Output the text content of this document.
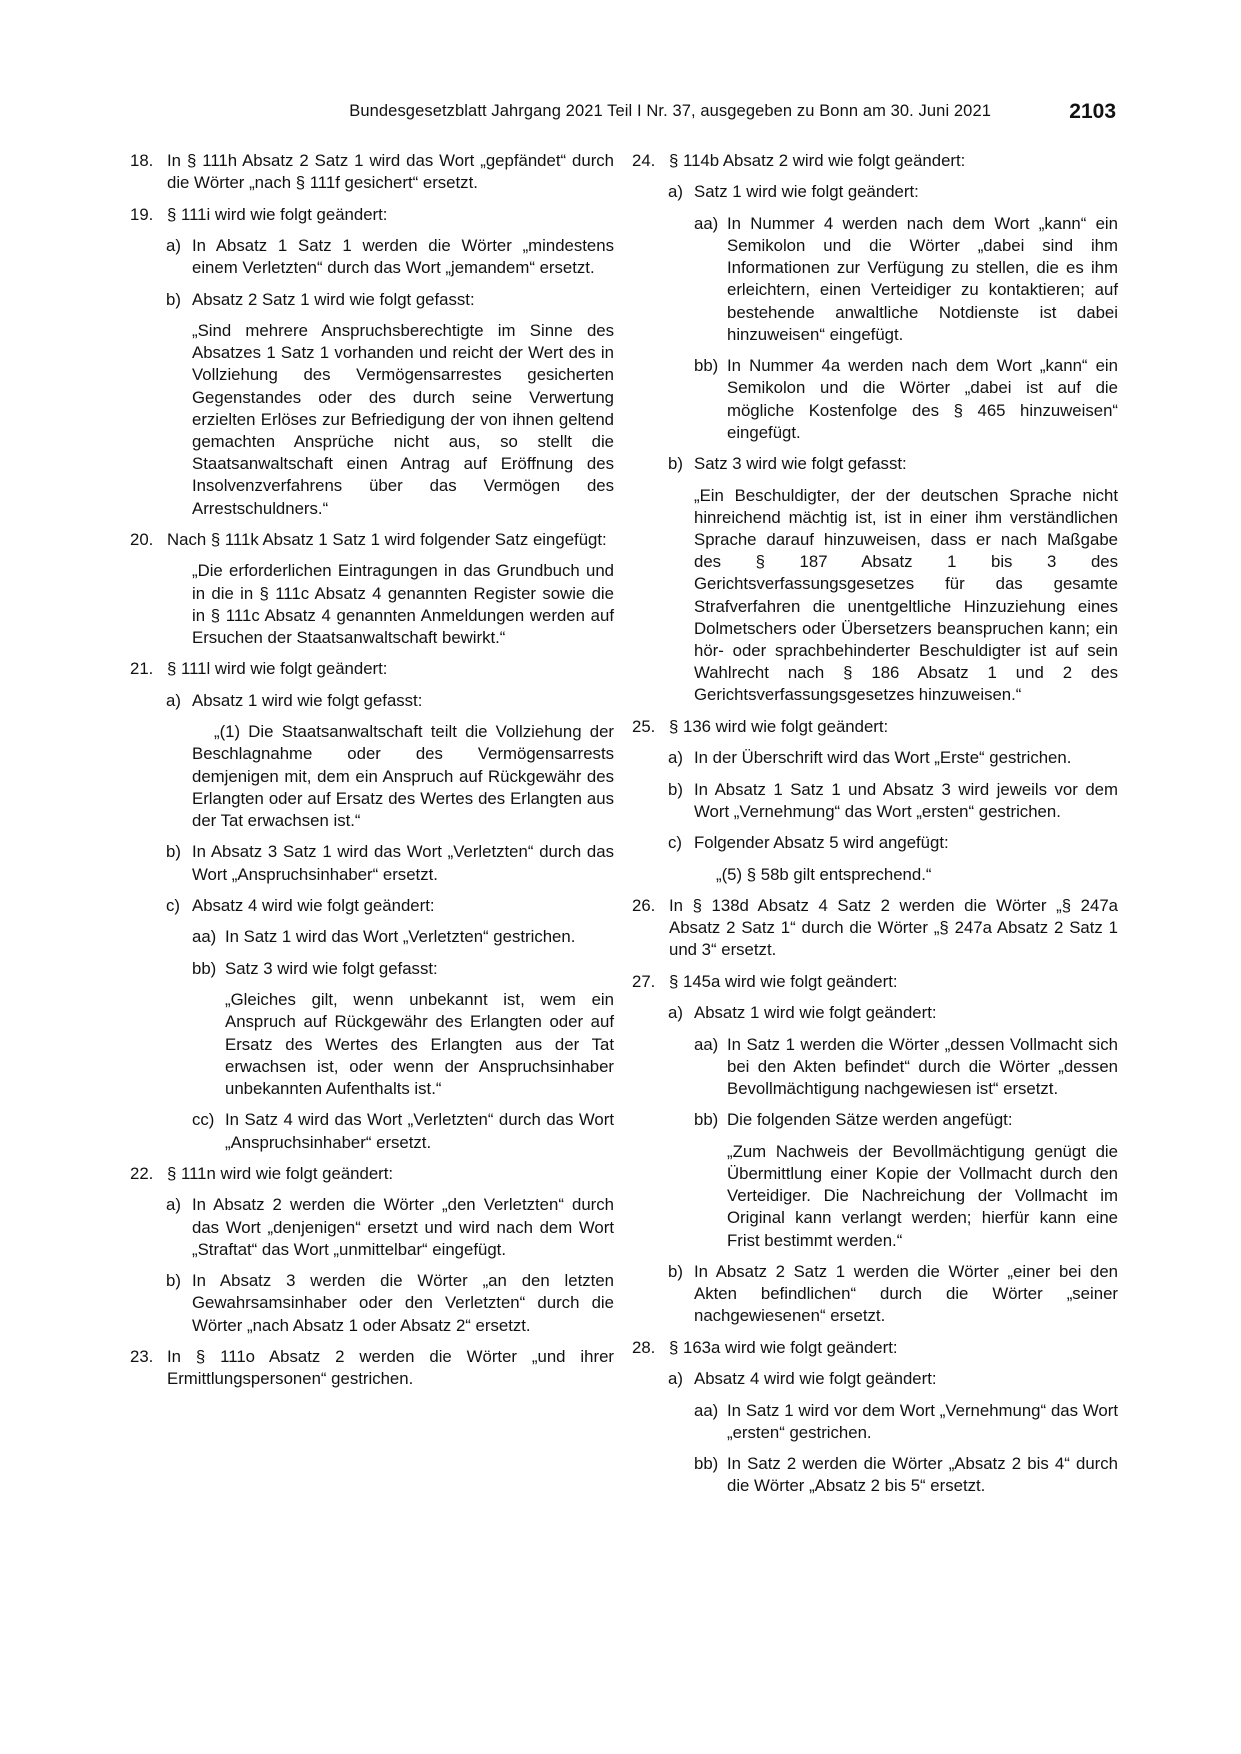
Bundesgesetzblatt Jahrgang 2021 Teil I Nr. 37, ausgegeben zu Bonn am 30. Juni 2021	2103
18. In § 111h Absatz 2 Satz 1 wird das Wort „gepfändet“ durch die Wörter „nach § 111f gesichert“ ersetzt.
19. § 111i wird wie folgt geändert:
a) In Absatz 1 Satz 1 werden die Wörter „mindestens einem Verletzten“ durch das Wort „jemandem“ ersetzt.
b) Absatz 2 Satz 1 wird wie folgt gefasst:
„Sind mehrere Anspruchsberechtigte im Sinne des Absatzes 1 Satz 1 vorhanden und reicht der Wert des in Vollziehung des Vermögensarrestes gesicherten Gegenstandes oder des durch seine Verwertung erzielten Erlöses zur Befriedigung der von ihnen geltend gemachten Ansprüche nicht aus, so stellt die Staatsanwaltschaft einen Antrag auf Eröffnung des Insolvenzverfahrens über das Vermögen des Arrestschuldners.“
20. Nach § 111k Absatz 1 Satz 1 wird folgender Satz eingefügt:
„Die erforderlichen Eintragungen in das Grundbuch und in die in § 111c Absatz 4 genannten Register sowie die in § 111c Absatz 4 genannten Anmeldungen werden auf Ersuchen der Staatsanwaltschaft bewirkt.“
21. § 111l wird wie folgt geändert:
a) Absatz 1 wird wie folgt gefasst:
„(1) Die Staatsanwaltschaft teilt die Vollziehung der Beschlagnahme oder des Vermögensarrests demjenigen mit, dem ein Anspruch auf Rückgewähr des Erlangten oder auf Ersatz des Wertes des Erlangten aus der Tat erwachsen ist.“
b) In Absatz 3 Satz 1 wird das Wort „Verletzten“ durch das Wort „Anspruchsinhaber“ ersetzt.
c) Absatz 4 wird wie folgt geändert:
aa) In Satz 1 wird das Wort „Verletzten“ gestrichen.
bb) Satz 3 wird wie folgt gefasst:
„Gleiches gilt, wenn unbekannt ist, wem ein Anspruch auf Rückgewähr des Erlangten oder auf Ersatz des Wertes des Erlangten aus der Tat erwachsen ist, oder wenn der Anspruchsinhaber unbekannten Aufenthalts ist.“
cc) In Satz 4 wird das Wort „Verletzten“ durch das Wort „Anspruchsinhaber“ ersetzt.
22. § 111n wird wie folgt geändert:
a) In Absatz 2 werden die Wörter „den Verletzten“ durch das Wort „denjenigen“ ersetzt und wird nach dem Wort „Straftat“ das Wort „unmittelbar“ eingefügt.
b) In Absatz 3 werden die Wörter „an den letzten Gewahrsamsinhaber oder den Verletzten“ durch die Wörter „nach Absatz 1 oder Absatz 2“ ersetzt.
23. In § 111o Absatz 2 werden die Wörter „und ihrer Ermittlungspersonen“ gestrichen.
24. § 114b Absatz 2 wird wie folgt geändert:
a) Satz 1 wird wie folgt geändert:
aa) In Nummer 4 werden nach dem Wort „kann“ ein Semikolon und die Wörter „dabei sind ihm Informationen zur Verfügung zu stellen, die es ihm erleichtern, einen Verteidiger zu kontaktieren; auf bestehende anwaltliche Notdienste ist dabei hinzuweisen“ eingefügt.
bb) In Nummer 4a werden nach dem Wort „kann“ ein Semikolon und die Wörter „dabei ist auf die mögliche Kostenfolge des § 465 hinzuweisen“ eingefügt.
b) Satz 3 wird wie folgt gefasst:
„Ein Beschuldigter, der der deutschen Sprache nicht hinreichend mächtig ist, ist in einer ihm verständlichen Sprache darauf hinzuweisen, dass er nach Maßgabe des § 187 Absatz 1 bis 3 des Gerichtsverfassungsgesetzes für das gesamte Strafverfahren die unentgeltliche Hinzuziehung eines Dolmetschers oder Übersetzers beanspruchen kann; ein hör- oder sprachbehinderter Beschuldigter ist auf sein Wahlrecht nach § 186 Absatz 1 und 2 des Gerichtsverfassungsgesetzes hinzuweisen.“
25. § 136 wird wie folgt geändert:
a) In der Überschrift wird das Wort „Erste“ gestrichen.
b) In Absatz 1 Satz 1 und Absatz 3 wird jeweils vor dem Wort „Vernehmung“ das Wort „ersten“ gestrichen.
c) Folgender Absatz 5 wird angefügt:
„(5) § 58b gilt entsprechend.“
26. In § 138d Absatz 4 Satz 2 werden die Wörter „§ 247a Absatz 2 Satz 1“ durch die Wörter „§ 247a Absatz 2 Satz 1 und 3“ ersetzt.
27. § 145a wird wie folgt geändert:
a) Absatz 1 wird wie folgt geändert:
aa) In Satz 1 werden die Wörter „dessen Vollmacht sich bei den Akten befindet“ durch die Wörter „dessen Bevollmächtigung nachgewiesen ist“ ersetzt.
bb) Die folgenden Sätze werden angefügt:
„Zum Nachweis der Bevollmächtigung genügt die Übermittlung einer Kopie der Vollmacht durch den Verteidiger. Die Nachreichung der Vollmacht im Original kann verlangt werden; hierfür kann eine Frist bestimmt werden.“
b) In Absatz 2 Satz 1 werden die Wörter „einer bei den Akten befindlichen“ durch die Wörter „seiner nachgewiesenen“ ersetzt.
28. § 163a wird wie folgt geändert:
a) Absatz 4 wird wie folgt geändert:
aa) In Satz 1 wird vor dem Wort „Vernehmung“ das Wort „ersten“ gestrichen.
bb) In Satz 2 werden die Wörter „Absatz 2 bis 4“ durch die Wörter „Absatz 2 bis 5“ ersetzt.
